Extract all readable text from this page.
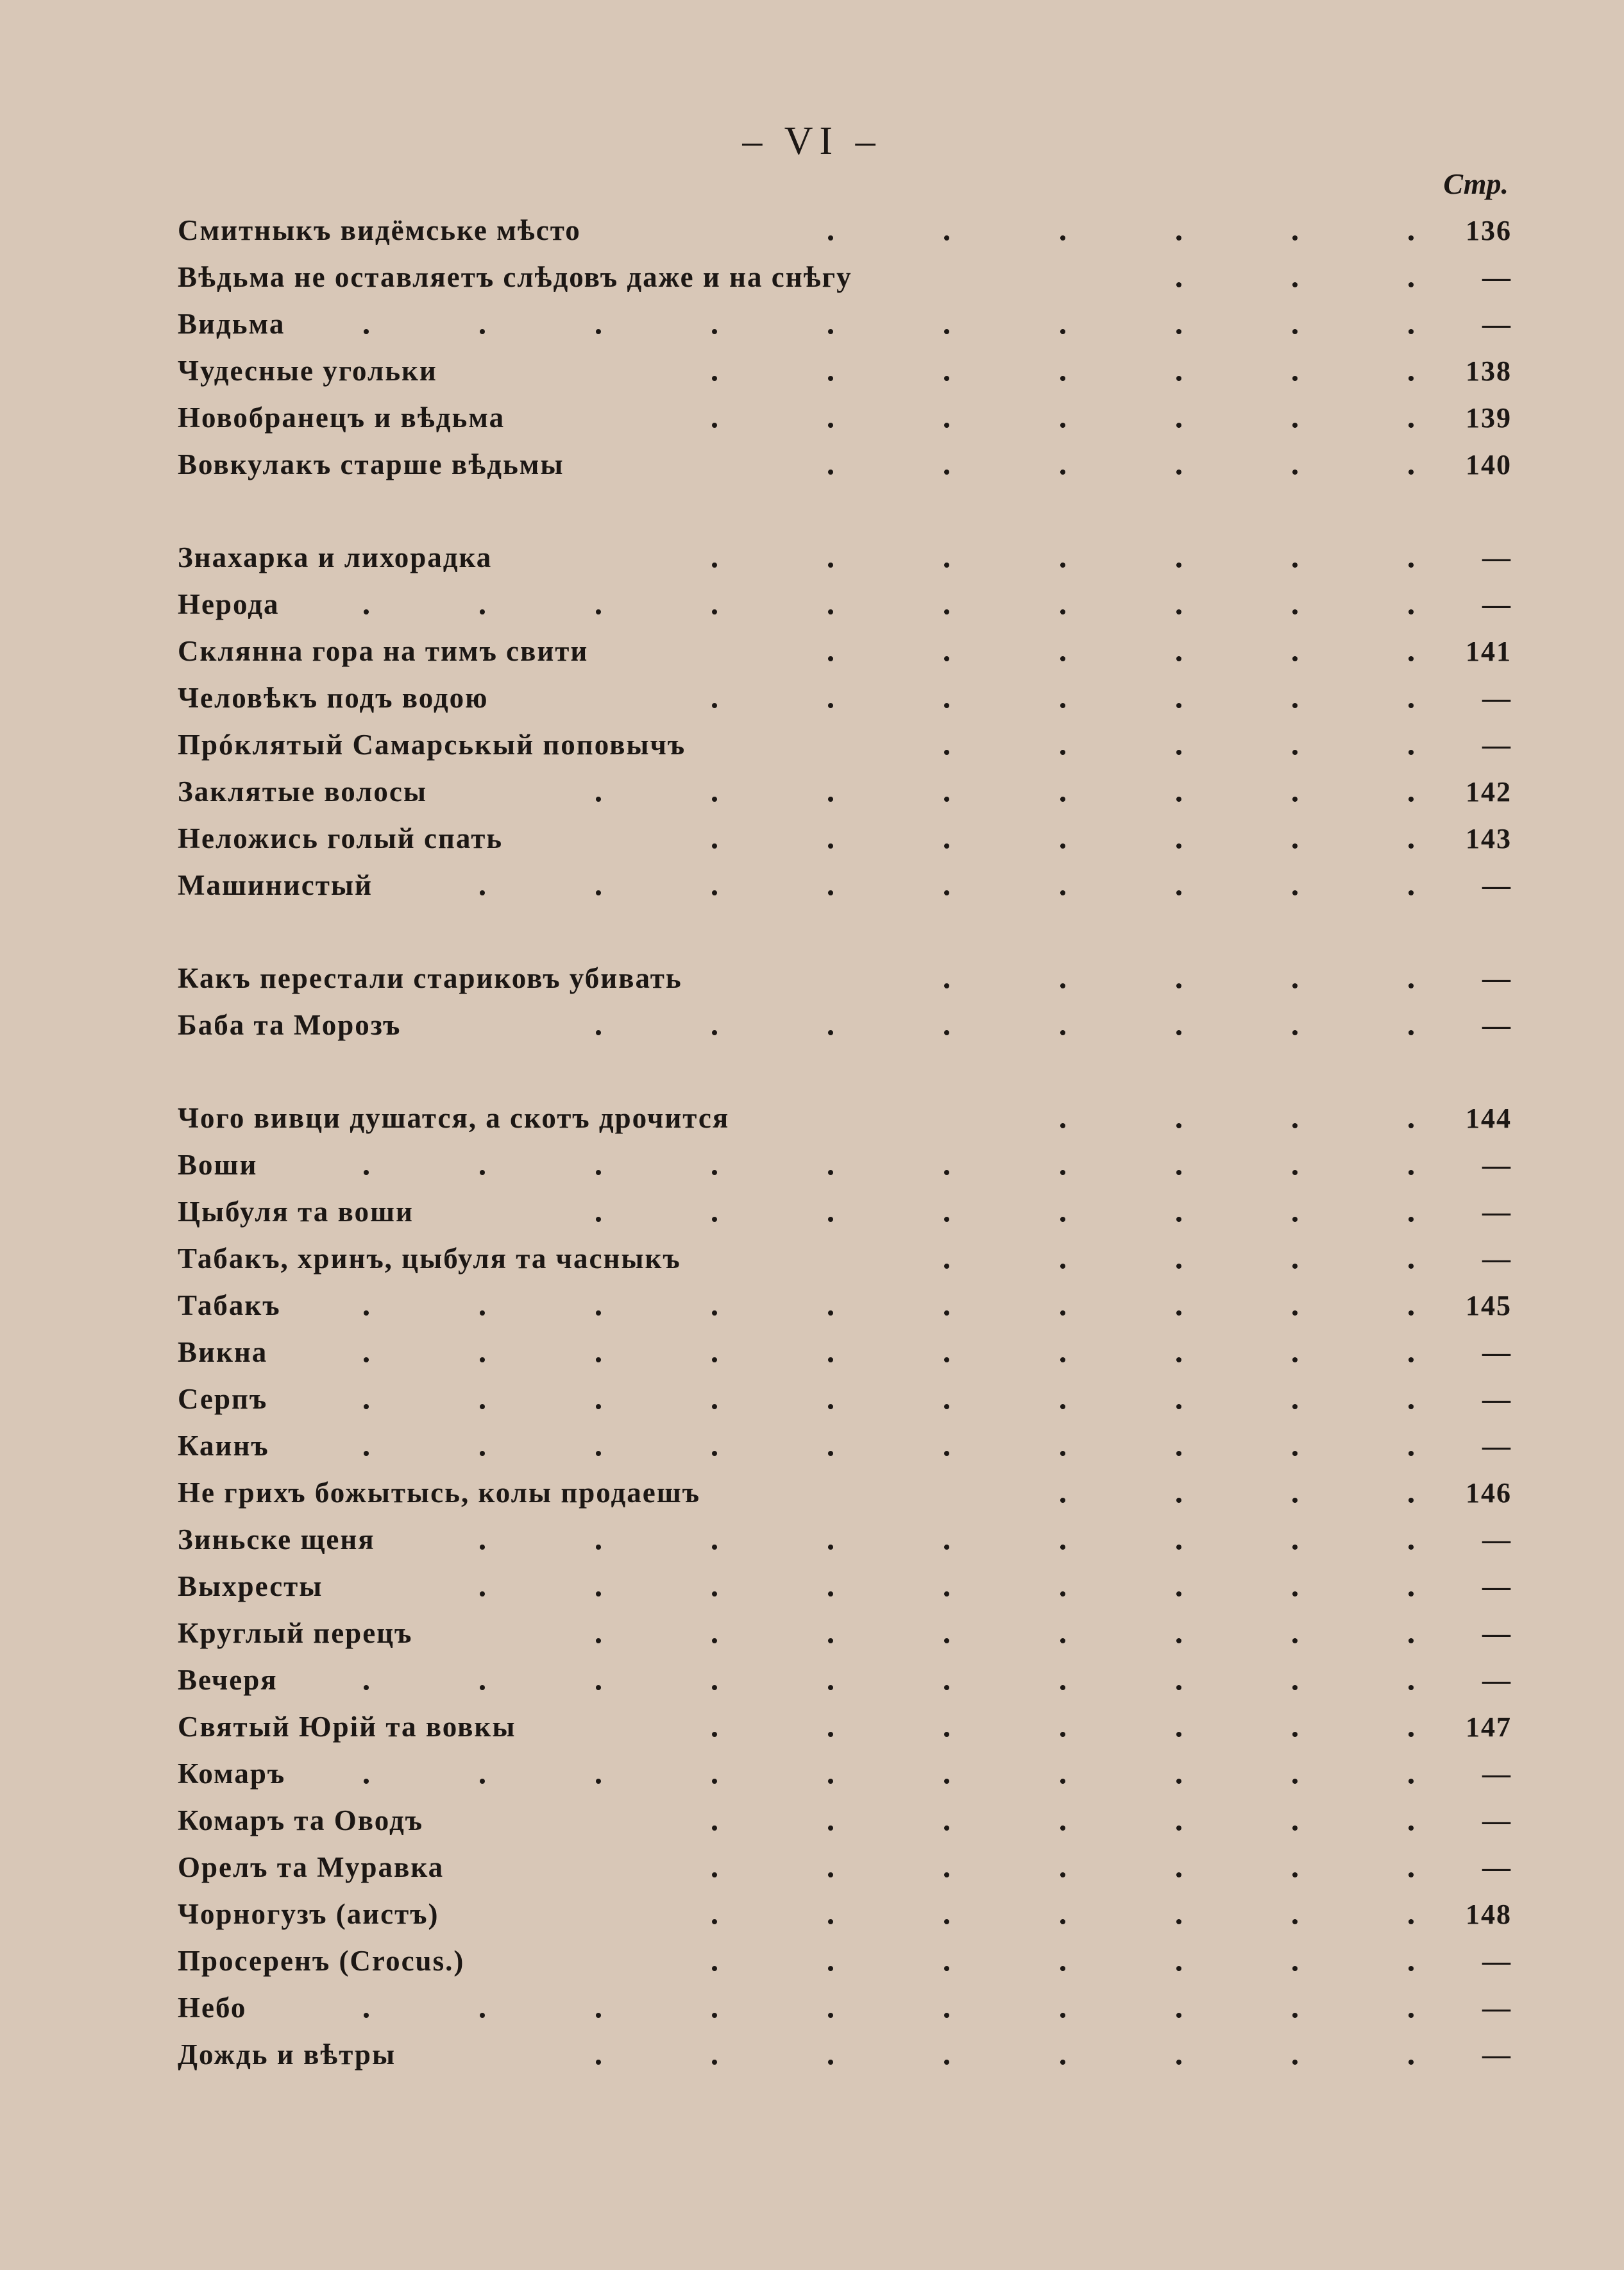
– VI –
Стр.
Смитныкъ видёмське мѣсто	136
Вѣдьма не оставляетъ слѣдовъ даже и на снѣгу	—
Видьма	—
Чудесные угольки	138
Новобранецъ и вѣдьма	139
Вовкулакъ старше вѣдьмы	140
Знахарка и лихорадка	—
Нерода	—
Склянна гора на тимъ свити	141
Человѣкъ подъ водою	—
Прóклятый Самарськый поповычъ	—
Заклятые волосы	142
Неложись голый спать	143
Машинистый	—
Какъ перестали стариковъ убивать	—
Баба та Морозъ	—
Чого вивци душатся, а скотъ дрочится	144
Воши	—
Цыбуля та воши	—
Табакъ, хринъ, цыбуля та часныкъ	—
Табакъ	145
Викна	—
Серпъ	—
Каинъ	—
Не грихъ божытысь, колы продаешъ	146
Зиньске щеня	—
Выхресты	—
Круглый перецъ	—
Вечеря	—
Святый Юрій та вовкы	147
Комаръ	—
Комаръ та Оводъ	—
Орелъ та Муравка	—
Чорногузъ (аистъ)	148
Просеренъ (Crocus.)	—
Небо	—
Дождь и вѣтры	—
